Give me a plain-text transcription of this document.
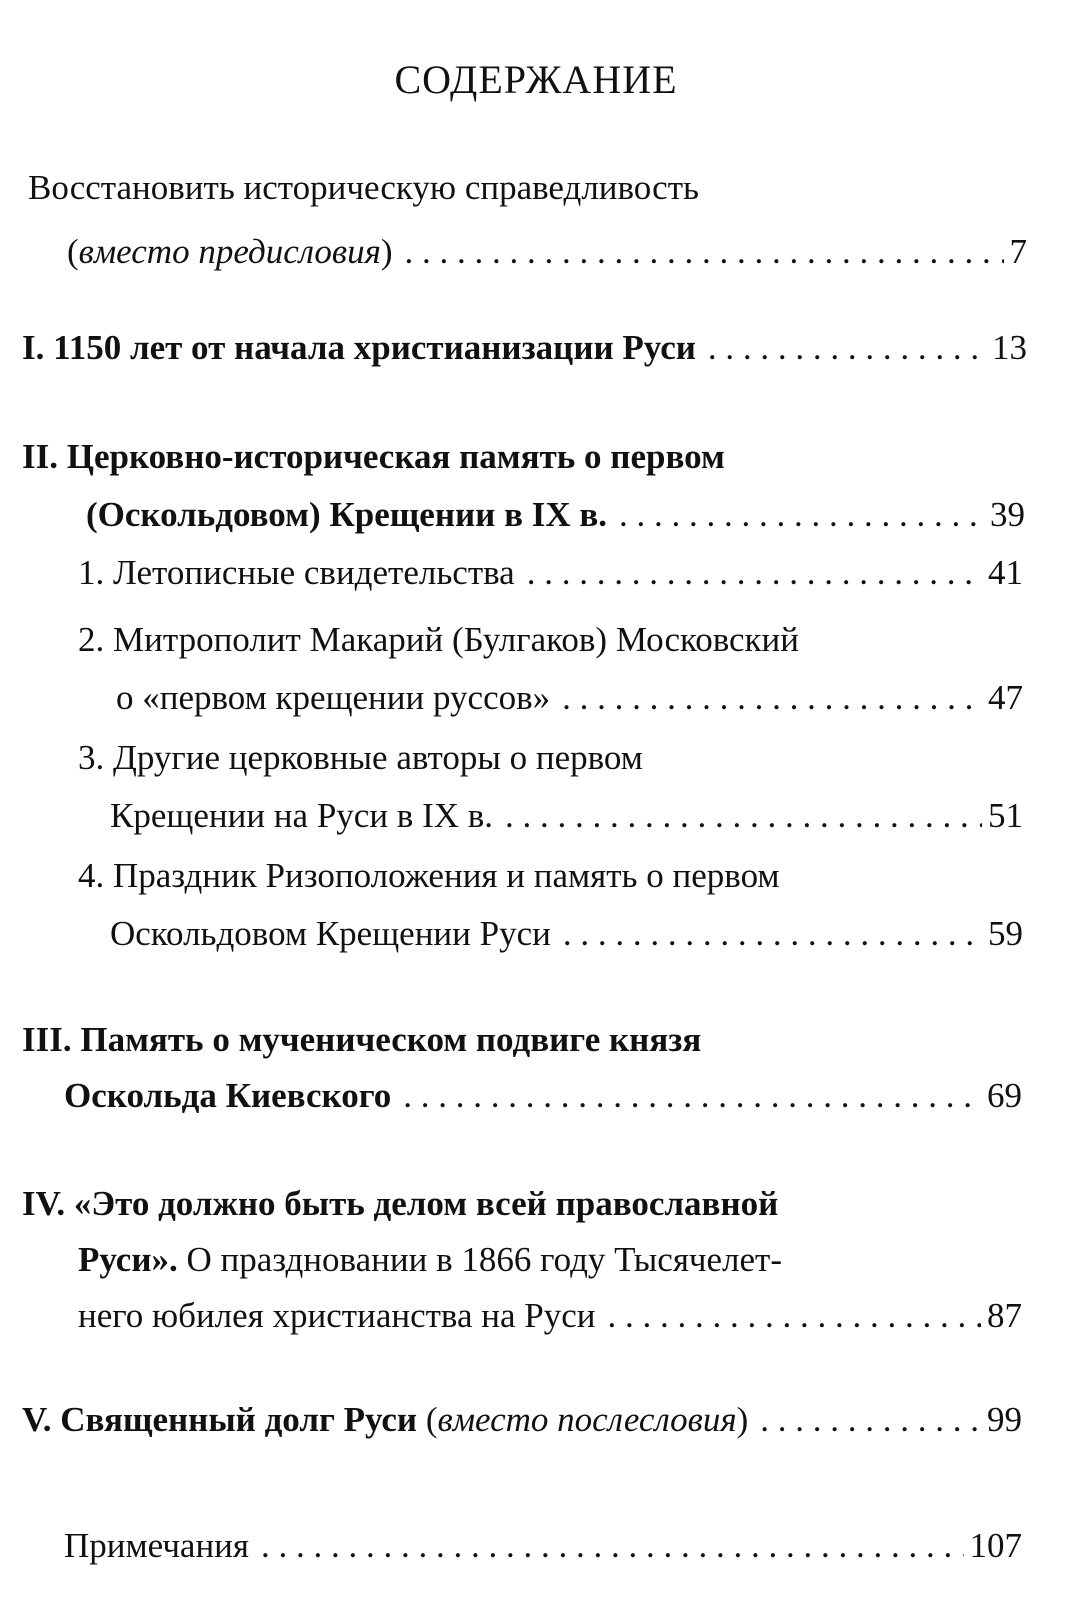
СОДЕРЖАНИЕ
Восстановить историческую справедливость
( вместо предисловия ) . . .	7
I. 1150 лет от начала христианизации Руси . . .	13
II. Церковно-историческая память о первом
(Оскольдовом) Крещении в IX в. . . .	39
1. Летописные свидетельства . . .	41
2. Митрополит Макарий (Булгаков) Московский
о «первом крещении руссов» . . .	47
3. Другие церковные авторы о первом
Крещении на Руси в IX в. . . .	51
4. Праздник Ризоположения и память о первом
Оскольдовом Крещении Руси . . .	59
III. Память о мученическом подвиге князя
Оскольда Киевского . . .	69
IV. «Это должно быть делом всей православной
Руси». О праздновании в 1866 году Тысячелет-
него юбилея христианства на Руси . . .	87
V. Священный долг Руси ( вместо послесловия ) . . .	99
Примечания . . .	107
